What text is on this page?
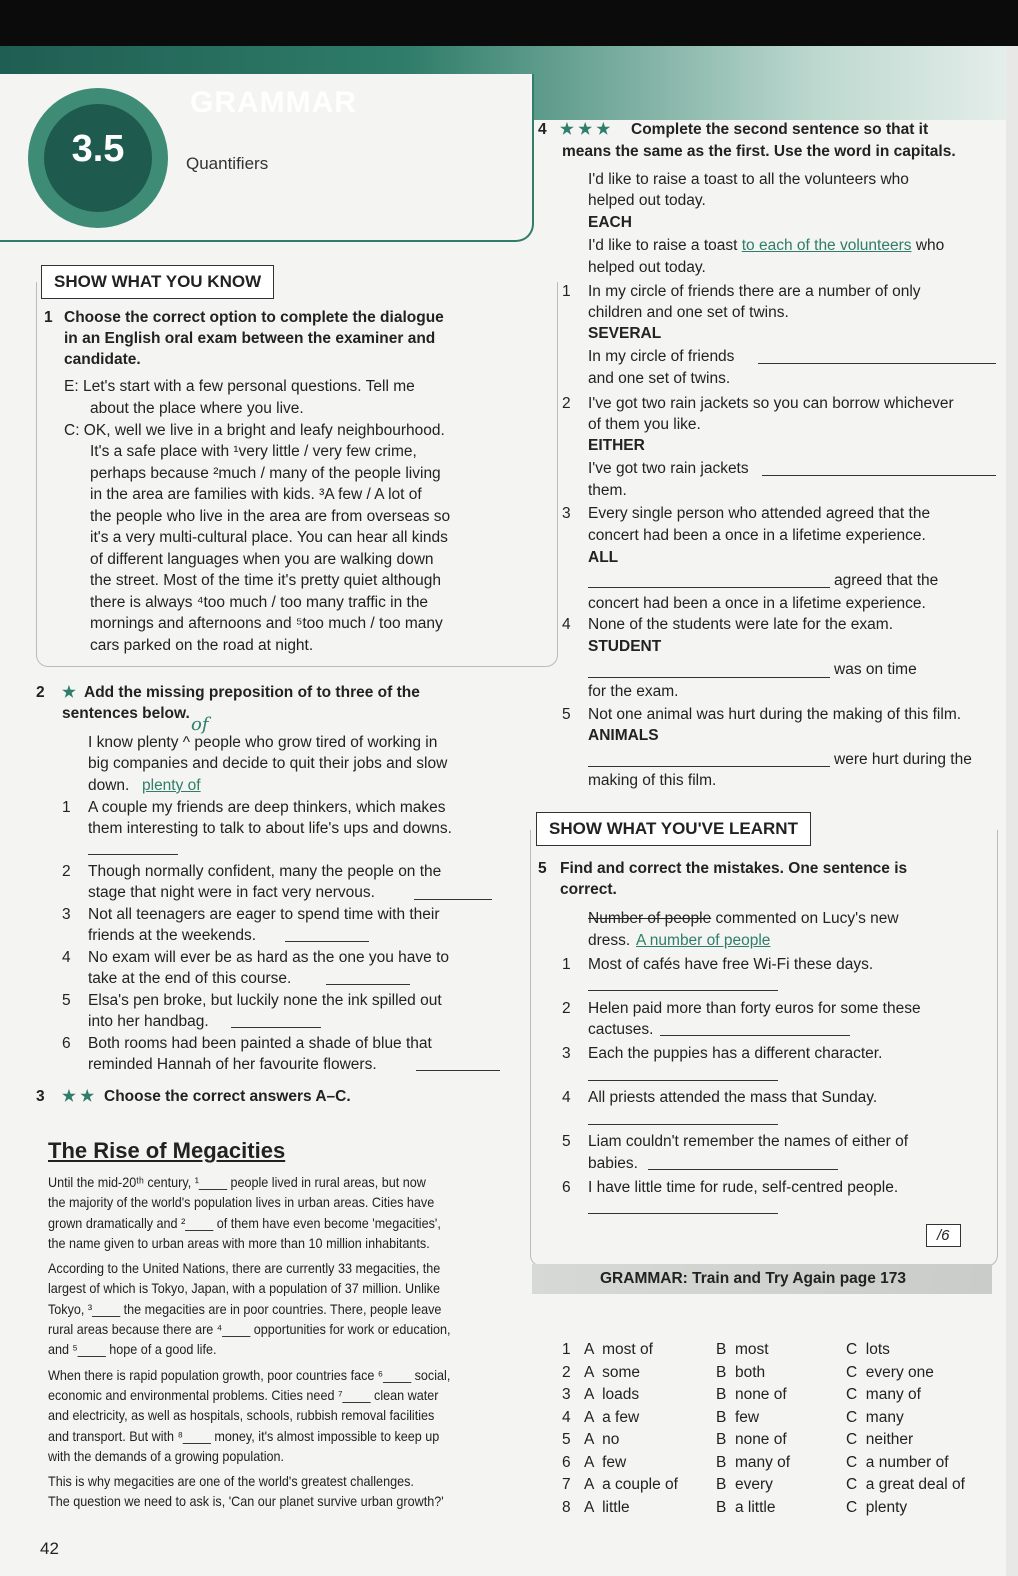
3.5
GRAMMAR
Quantifiers
SHOW WHAT YOU KNOW
1 Choose the correct option to complete the dialogue
in an English oral exam between the examiner and
candidate.
E: Let's start with a few personal questions. Tell me
about the place where you live.
C: OK, well we live in a bright and leafy neighbourhood.
It's a safe place with ¹very little / very few crime,
perhaps because ²much / many of the people living
in the area are families with kids. ³A few / A lot of
the people who live in the area are from overseas so
it's a very multi-cultural place. You can hear all kinds
of different languages when you are walking down
the street. Most of the time it's pretty quiet although
there is always ⁴too much / too many traffic in the
mornings and afternoons and ⁵too much / too many
cars parked on the road at night.
2 ★ Add the missing preposition of to three of the
sentences below.
of
I know plenty ^ people who grow tired of working in
big companies and decide to quit their jobs and slow
down. plenty of
1 A couple my friends are deep thinkers, which makes
them interesting to talk to about life's ups and downs.
2 Though normally confident, many the people on the
stage that night were in fact very nervous.
3 Not all teenagers are eager to spend time with their
friends at the weekends.
4 No exam will ever be as hard as the one you have to
take at the end of this course.
5 Elsa's pen broke, but luckily none the ink spilled out
into her handbag.
6 Both rooms had been painted a shade of blue that
reminded Hannah of her favourite flowers.
3 ★ ★ Choose the correct answers A–C.
The Rise of Megacities
Until the mid-20ᵗʰ century, ¹____ people lived in rural areas, but now
the majority of the world's population lives in urban areas. Cities have
grown dramatically and ²____ of them have even become 'megacities',
the name given to urban areas with more than 10 million inhabitants.
According to the United Nations, there are currently 33 megacities, the
largest of which is Tokyo, Japan, with a population of 37 million. Unlike
Tokyo, ³____ the megacities are in poor countries. There, people leave
rural areas because there are ⁴____ opportunities for work or education,
and ⁵____ hope of a good life.
When there is rapid population growth, poor countries face ⁶____ social,
economic and environmental problems. Cities need ⁷____ clean water
and electricity, as well as hospitals, schools, rubbish removal facilities
and transport. But with ⁸____ money, it's almost impossible to keep up
with the demands of a growing population.
This is why megacities are one of the world's greatest challenges.
The question we need to ask is, 'Can our planet survive urban growth?'
42
4 ★ ★ ★ Complete the second sentence so that it
means the same as the first. Use the word in capitals.
I'd like to raise a toast to all the volunteers who
helped out today.
EACH
I'd like to raise a toast to each of the volunteers who
helped out today.
1 In my circle of friends there are a number of only
children and one set of twins.
SEVERAL
In my circle of friends
and one set of twins.
2 I've got two rain jackets so you can borrow whichever
of them you like.
EITHER
I've got two rain jackets
them.
3 Every single person who attended agreed that the
concert had been a once in a lifetime experience.
ALL
agreed that the
concert had been a once in a lifetime experience.
4 None of the students were late for the exam.
STUDENT
was on time
for the exam.
5 Not one animal was hurt during the making of this film.
ANIMALS
were hurt during the
making of this film.
SHOW WHAT YOU'VE LEARNT
5 Find and correct the mistakes. One sentence is
correct.
Number of people commented on Lucy's new
dress. A number of people
1 Most of cafés have free Wi-Fi these days.
2 Helen paid more than forty euros for some these
cactuses.
3 Each the puppies has a different character.
4 All priests attended the mass that Sunday.
5 Liam couldn't remember the names of either of
babies.
6 I have little time for rude, self-centred people.
/6
GRAMMAR: Train and Try Again page 173
1 A  most of	B  most	C  lots
2 A  some	B  both	C  every one
3 A  loads	B  none of	C  many of
4 A  a few	B  few	C  many
5 A  no	B  none of	C  neither
6 A  few	B  many of	C  a number of
7 A  a couple of B  every	C  a great deal of
8 A  little	B  a little	C  plenty
